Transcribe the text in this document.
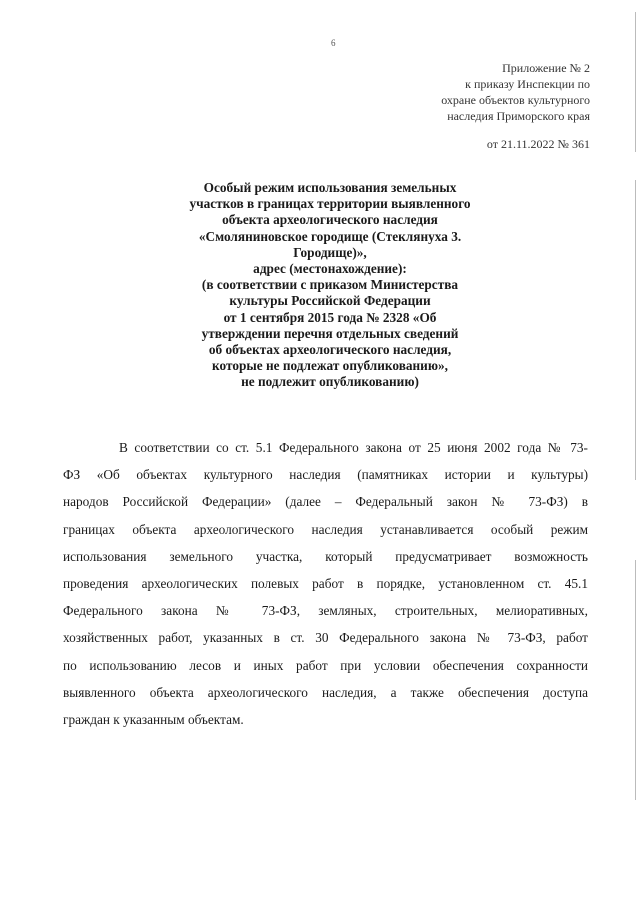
6
Приложение № 2
к приказу Инспекции по
охране объектов культурного
наследия Приморского края
от 21.11.2022 № 361
Особый режим использования земельных
участков в границах территории выявленного
объекта археологического наследия
«Смоляниновское городище (Стеклянуха 3.
Городище)»,
адрес (местонахождение):
(в соответствии с приказом Министерства
культуры Российской Федерации
от 1 сентября 2015 года № 2328 «Об
утверждении перечня отдельных сведений
об объектах археологического наследия,
которые не подлежат опубликованию»,
не подлежит опубликованию)
В соответствии со ст. 5.1 Федерального закона от 25 июня 2002 года № 73-
ФЗ «Об объектах культурного наследия (памятниках истории и культуры)
народов Российской Федерации» (далее – Федеральный закон № 73-ФЗ) в
границах объекта археологического наследия устанавливается особый режим
использования земельного участка, который предусматривает возможность
проведения археологических полевых работ в порядке, установленном ст. 45.1
Федерального закона № 73-ФЗ, земляных, строительных, мелиоративных,
хозяйственных работ, указанных в ст. 30 Федерального закона № 73-ФЗ, работ
по использованию лесов и иных работ при условии обеспечения сохранности
выявленного объекта археологического наследия, а также обеспечения доступа
граждан к указанным объектам.
